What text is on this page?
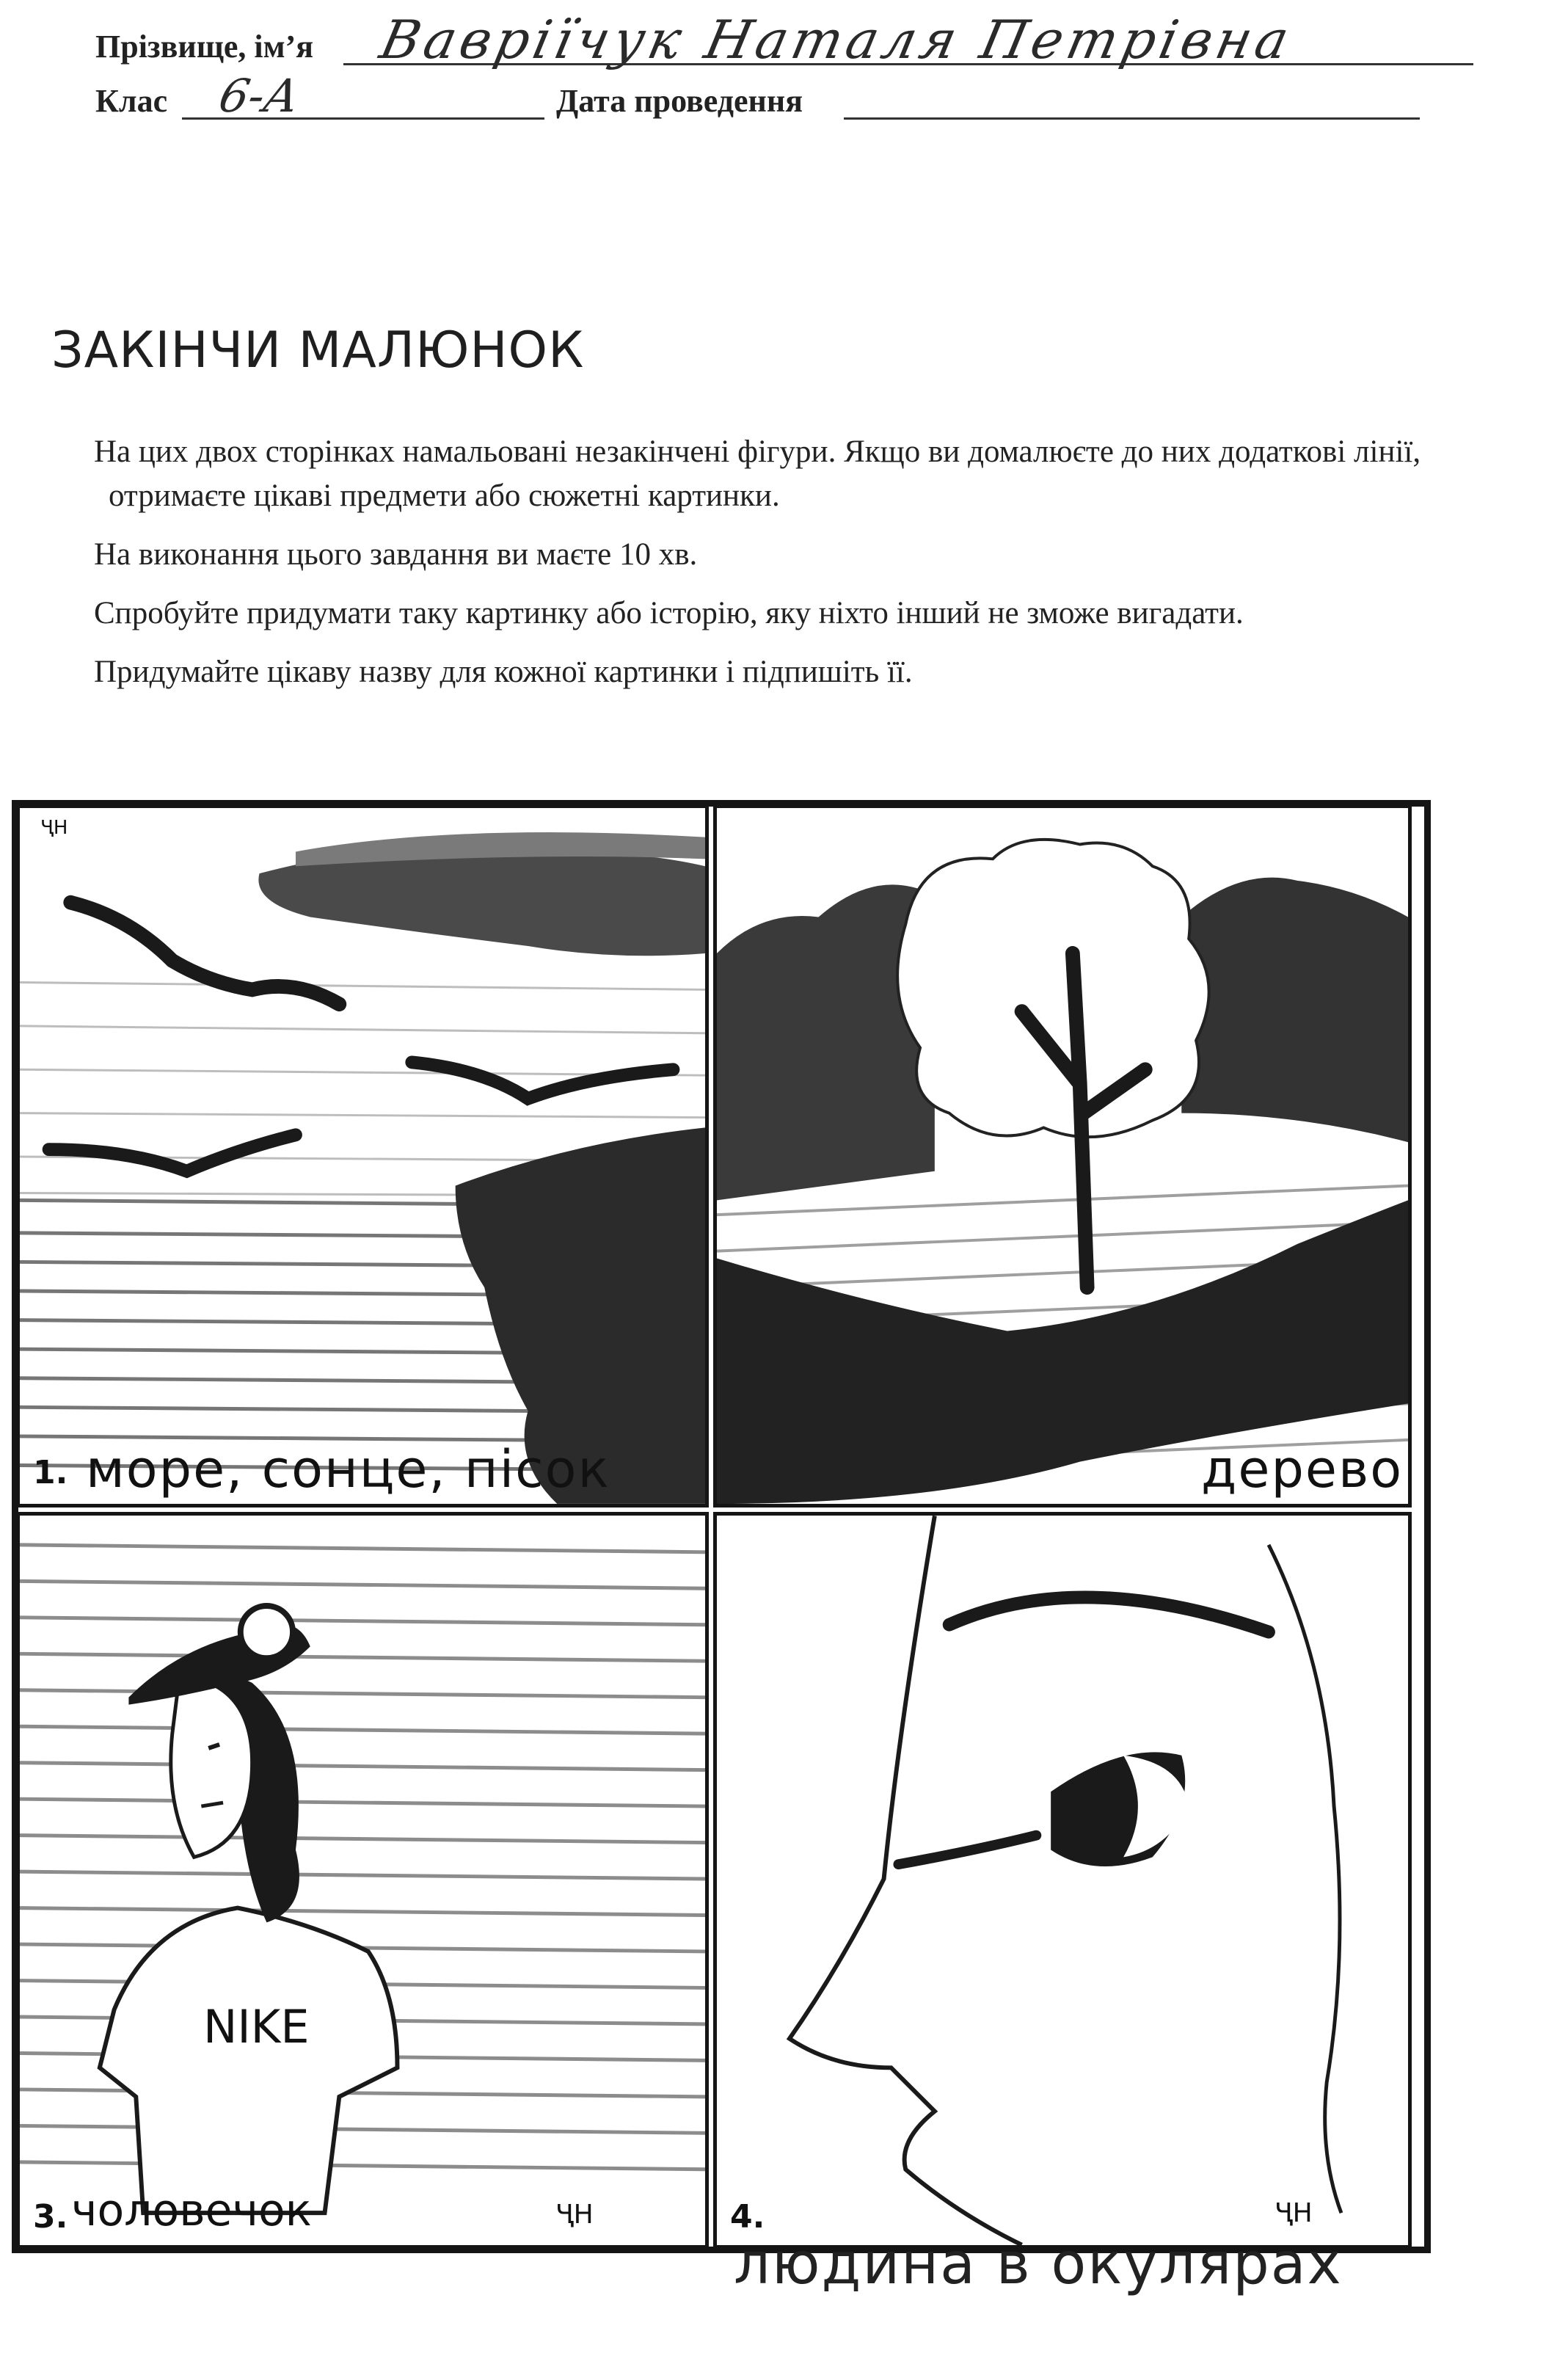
Прізвище, ім’я Вавріїчук Наталя Петрівна
Клас 6-А	Дата проведення
ЗАКІНЧИ МАЛЮНОК

На цих двох сторінках намальовані незакінчені фігури. Якщо ви домалюєте до них додаткові лінії, отримаєте цікаві предмети або сюжетні картинки.

На виконання цього завдання ви маєте 10 хв.

Спробуйте придумати таку картинку або історію, яку ніхто інший не зможе вигадати.

Придумайте цікаву назву для кожної картинки і підпишіть її.

1. море, сонце, пісок
ҶН
дерево
NIKE
3. чоловечок	ҶН	4.	ҶН
людина в окулярах
